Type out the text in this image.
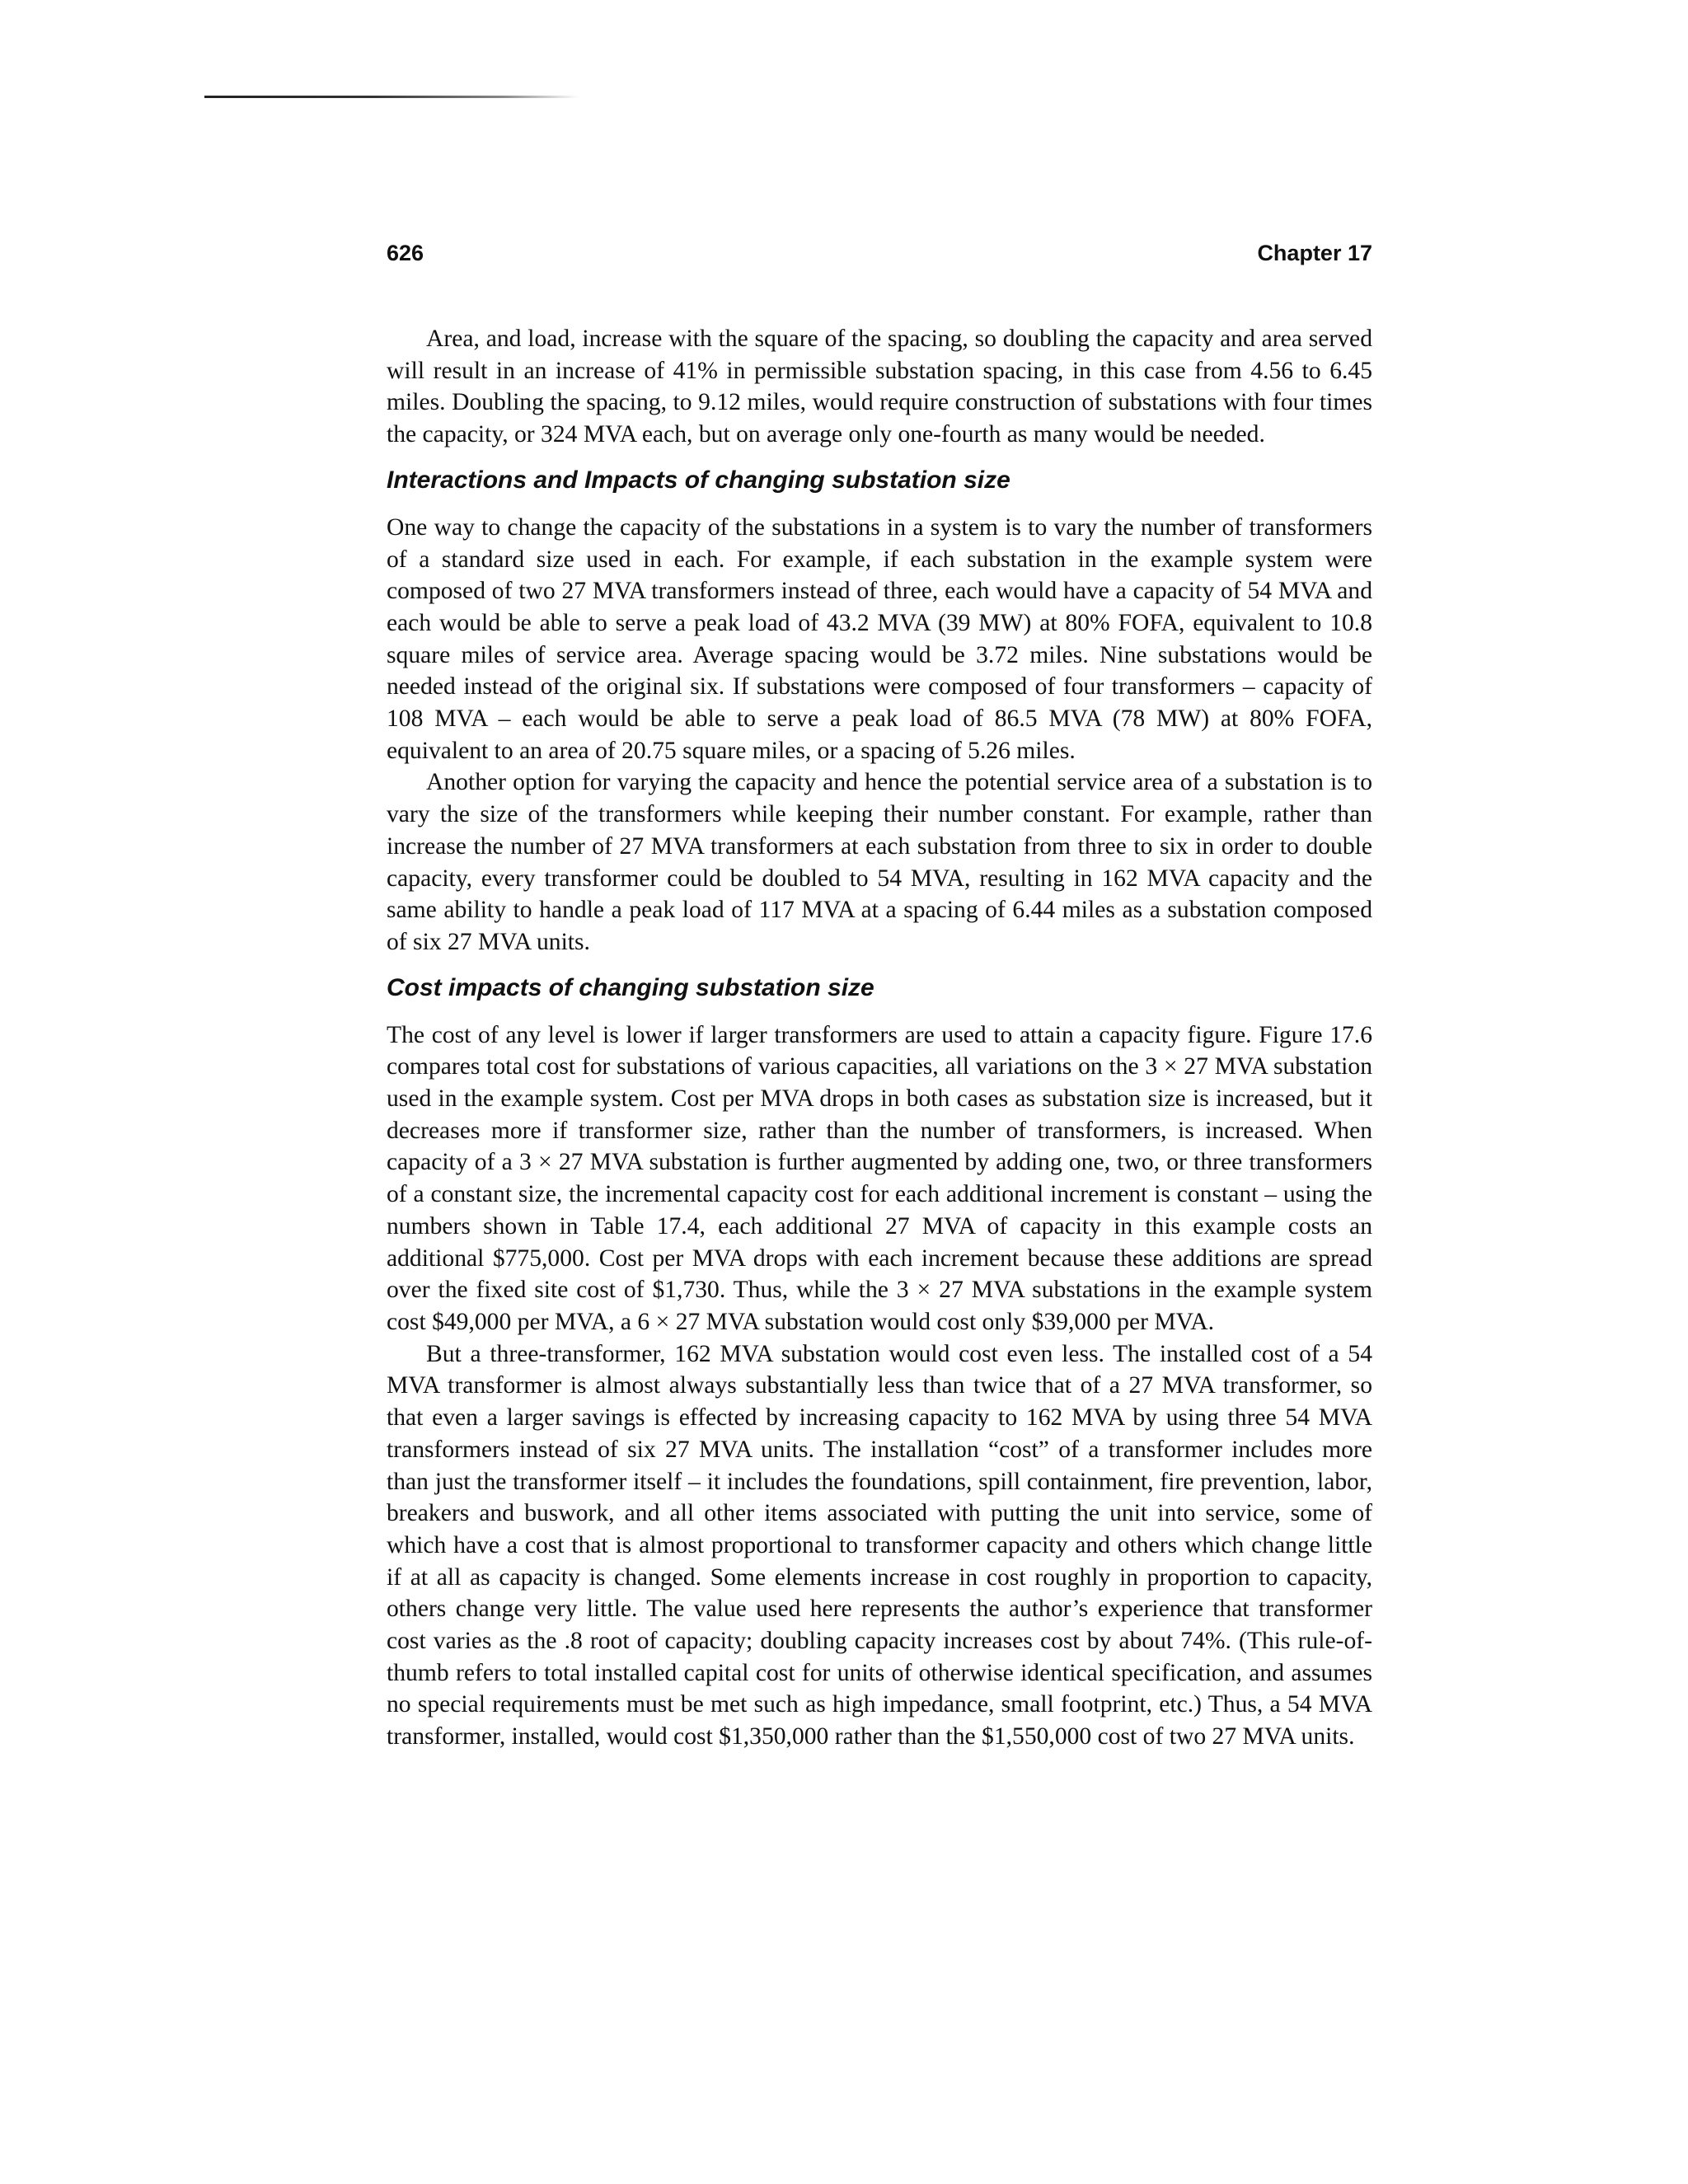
626	Chapter 17

Area, and load, increase with the square of the spacing, so doubling the capacity and area served will result in an increase of 41% in permissible substation spacing, in this case from 4.56 to 6.45 miles. Doubling the spacing, to 9.12 miles, would require construction of substations with four times the capacity, or 324 MVA each, but on average only one-fourth as many would be needed.

Interactions and Impacts of changing substation size

One way to change the capacity of the substations in a system is to vary the number of transformers of a standard size used in each. For example, if each substation in the example system were composed of two 27 MVA transformers instead of three, each would have a capacity of 54 MVA and each would be able to serve a peak load of 43.2 MVA (39 MW) at 80% FOFA, equivalent to 10.8 square miles of service area. Average spacing would be 3.72 miles. Nine substations would be needed instead of the original six. If substations were composed of four transformers – capacity of 108 MVA – each would be able to serve a peak load of 86.5 MVA (78 MW) at 80% FOFA, equivalent to an area of 20.75 square miles, or a spacing of 5.26 miles.

Another option for varying the capacity and hence the potential service area of a substation is to vary the size of the transformers while keeping their number constant. For example, rather than increase the number of 27 MVA transformers at each substation from three to six in order to double capacity, every transformer could be doubled to 54 MVA, resulting in 162 MVA capacity and the same ability to handle a peak load of 117 MVA at a spacing of 6.44 miles as a substation composed of six 27 MVA units.

Cost impacts of changing substation size

The cost of any level is lower if larger transformers are used to attain a capacity figure. Figure 17.6 compares total cost for substations of various capacities, all variations on the 3 × 27 MVA substation used in the example system. Cost per MVA drops in both cases as substation size is increased, but it decreases more if transformer size, rather than the number of transformers, is increased. When capacity of a 3 × 27 MVA substation is further augmented by adding one, two, or three transformers of a constant size, the incremental capacity cost for each additional increment is constant – using the numbers shown in Table 17.4, each additional 27 MVA of capacity in this example costs an additional $775,000. Cost per MVA drops with each increment because these additions are spread over the fixed site cost of $1,730. Thus, while the 3 × 27 MVA substations in the example system cost $49,000 per MVA, a 6 × 27 MVA substation would cost only $39,000 per MVA.

But a three-transformer, 162 MVA substation would cost even less. The installed cost of a 54 MVA transformer is almost always substantially less than twice that of a 27 MVA transformer, so that even a larger savings is effected by increasing capacity to 162 MVA by using three 54 MVA transformers instead of six 27 MVA units. The installation “cost” of a transformer includes more than just the transformer itself – it includes the foundations, spill containment, fire prevention, labor, breakers and buswork, and all other items associated with putting the unit into service, some of which have a cost that is almost proportional to transformer capacity and others which change little if at all as capacity is changed. Some elements increase in cost roughly in proportion to capacity, others change very little. The value used here represents the author’s experience that transformer cost varies as the .8 root of capacity; doubling capacity increases cost by about 74%. (This rule-of-thumb refers to total installed capital cost for units of otherwise identical specification, and assumes no special requirements must be met such as high impedance, small footprint, etc.) Thus, a 54 MVA transformer, installed, would cost $1,350,000 rather than the $1,550,000 cost of two 27 MVA units.
